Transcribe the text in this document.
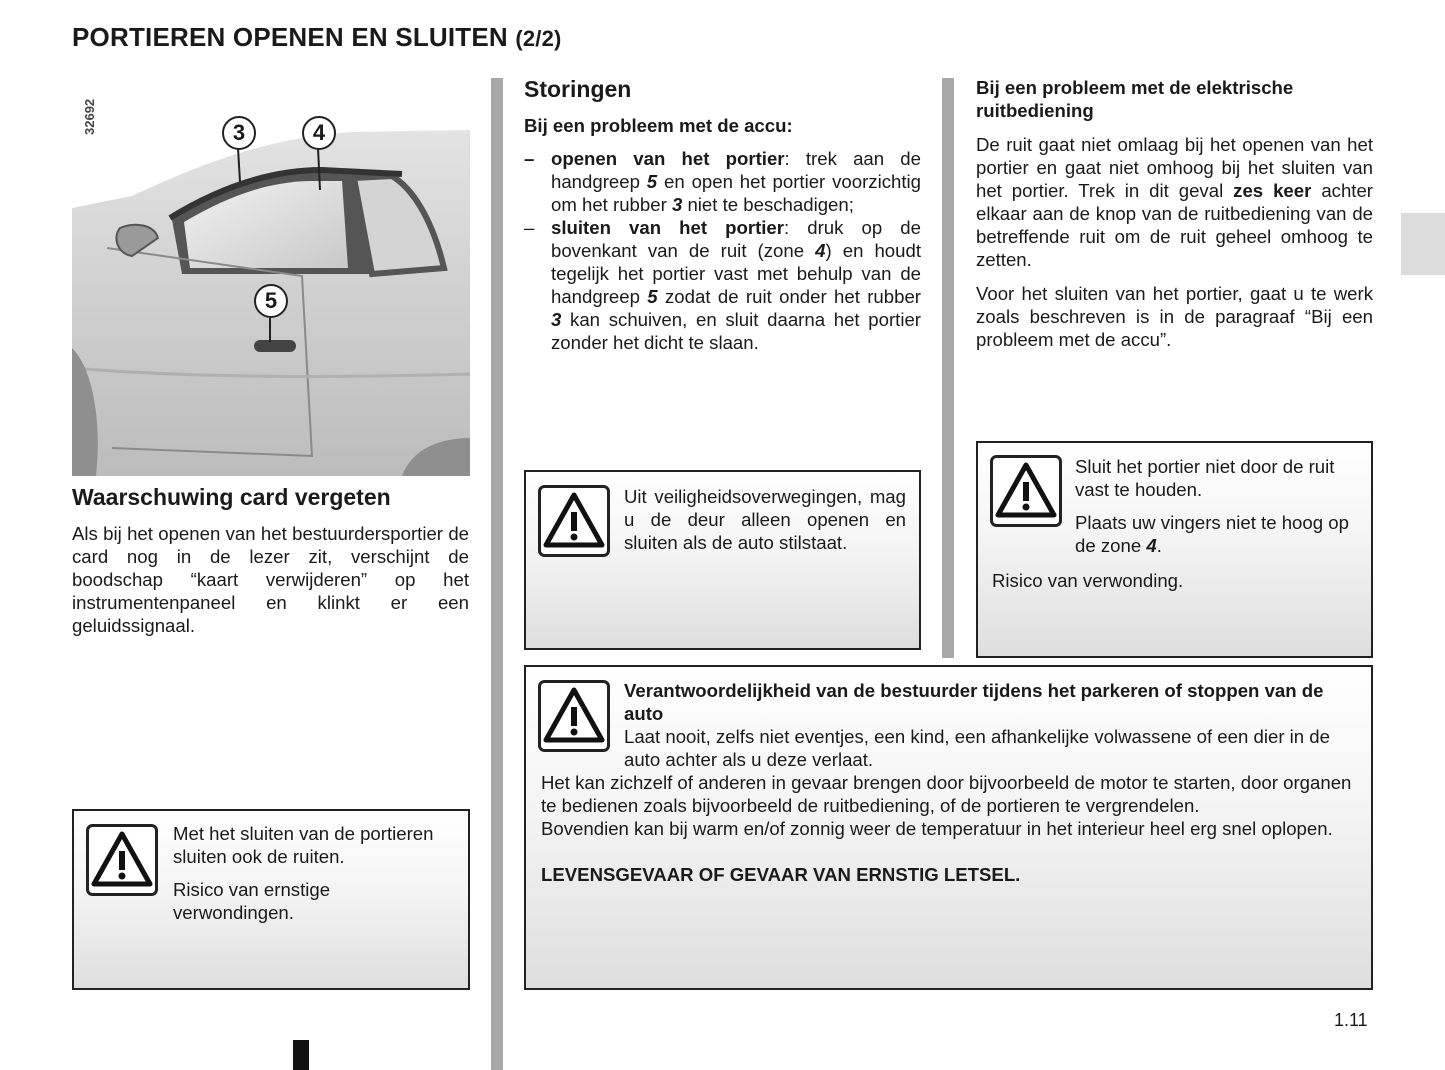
PORTIEREN OPENEN EN SLUITEN (2/2)
3	4
5
32692
Waarschuwing card vergeten
Als bij het openen van het bestuurdersportier de card nog in de lezer zit, verschijnt de boodschap “kaart verwijderen” op het instrumentenpaneel en klinkt er een geluidssignaal.

Met het sluiten van de portieren sluiten ook de ruiten.

Risico van ernstige verwondingen.

Storingen
Bij een probleem met de accu:
– openen van het portier: trek aan de handgreep 5 en open het portier voorzichtig om het rubber 3 niet te beschadigen;
– sluiten van het portier: druk op de bovenkant van de ruit (zone 4) en houdt tegelijk het portier vast met behulp van de handgreep 5 zodat de ruit onder het rubber 3 kan schuiven, en sluit daarna het portier zonder het dicht te slaan.
Uit veiligheidsoverwegingen, mag u de deur alleen openen en sluiten als de auto stilstaat.
Bij een probleem met de elektrische ruitbediening
De ruit gaat niet omlaag bij het openen van het portier en gaat niet omhoog bij het sluiten van het portier. Trek in dit geval zes keer achter elkaar aan de knop van de ruitbediening van de betreffende ruit om de ruit geheel omhoog te zetten.
Voor het sluiten van het portier, gaat u te werk zoals beschreven is in de paragraaf “Bij een probleem met de accu”.

Sluit het portier niet door de ruit vast te houden.

Plaats uw vingers niet te hoog op de zone 4.

Risico van verwonding.
Verantwoordelijkheid van de bestuurder tijdens het parkeren of stoppen van de auto
Laat nooit, zelfs niet eventjes, een kind, een afhankelijke volwassene of een dier in de auto achter als u deze verlaat.
Het kan zichzelf of anderen in gevaar brengen door bijvoorbeeld de motor te starten, door organen te bedienen zoals bijvoorbeeld de ruitbediening, of de portieren te vergrendelen.
Bovendien kan bij warm en/of zonnig weer de temperatuur in het interieur heel erg snel oplopen.
LEVENSGEVAAR OF GEVAAR VAN ERNSTIG LETSEL.
1.11
